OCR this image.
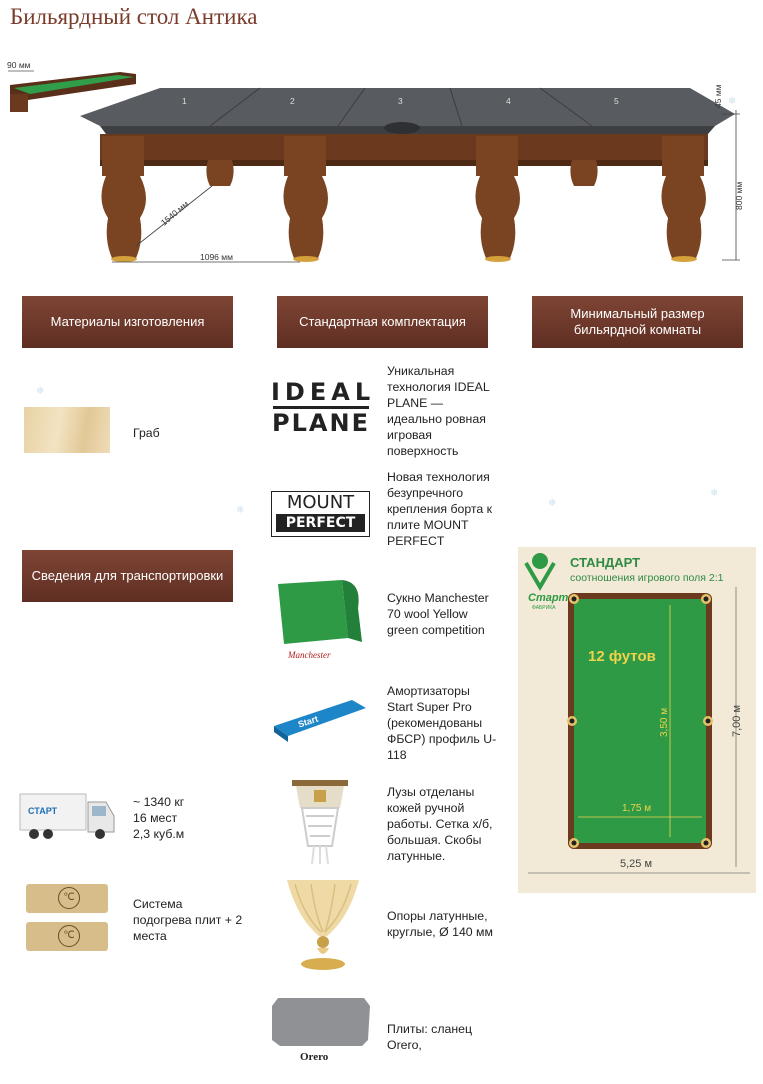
Бильярдный стол Антика
90 мм
1	2	3	4	5
1096 мм
1540 мм
45 мм
800 мм
Материалы изготовления	Стандартная комплектация
Минимальный размер бильярдной комнаты
Сведения для транспортировки
Граб
СТАРТ
~ 1340 кг
16 мест
2,3 куб.м
℃
℃
Система подогрева плит + 2 места
IDEAL
PLANE
Уникальная технология IDEAL PLANE — идеально ровная игровая поверхность
MOUNT
PERFECT
Новая технология безупречного крепления борта к плите MOUNT PERFECT
Manchester
Сукно Manchester 70 wool Yellow green competition
Start
Амортизаторы Start Super Pro (рекомендованы ФБСР) профиль U-118
Лузы отделаны кожей ручной работы. Сетка х/б, большая. Скобы латунные.
Опоры латунные, круглые, Ø 140 мм
Orero
Плиты: сланец Orero,
Старт
ФАБРИКА
СТАНДАРТ
соотношения игрового поля 2:1
12 футов
3,50 м
1,75 м
7,00 м
5,25 м
❄
❄
❄
❄
❄
